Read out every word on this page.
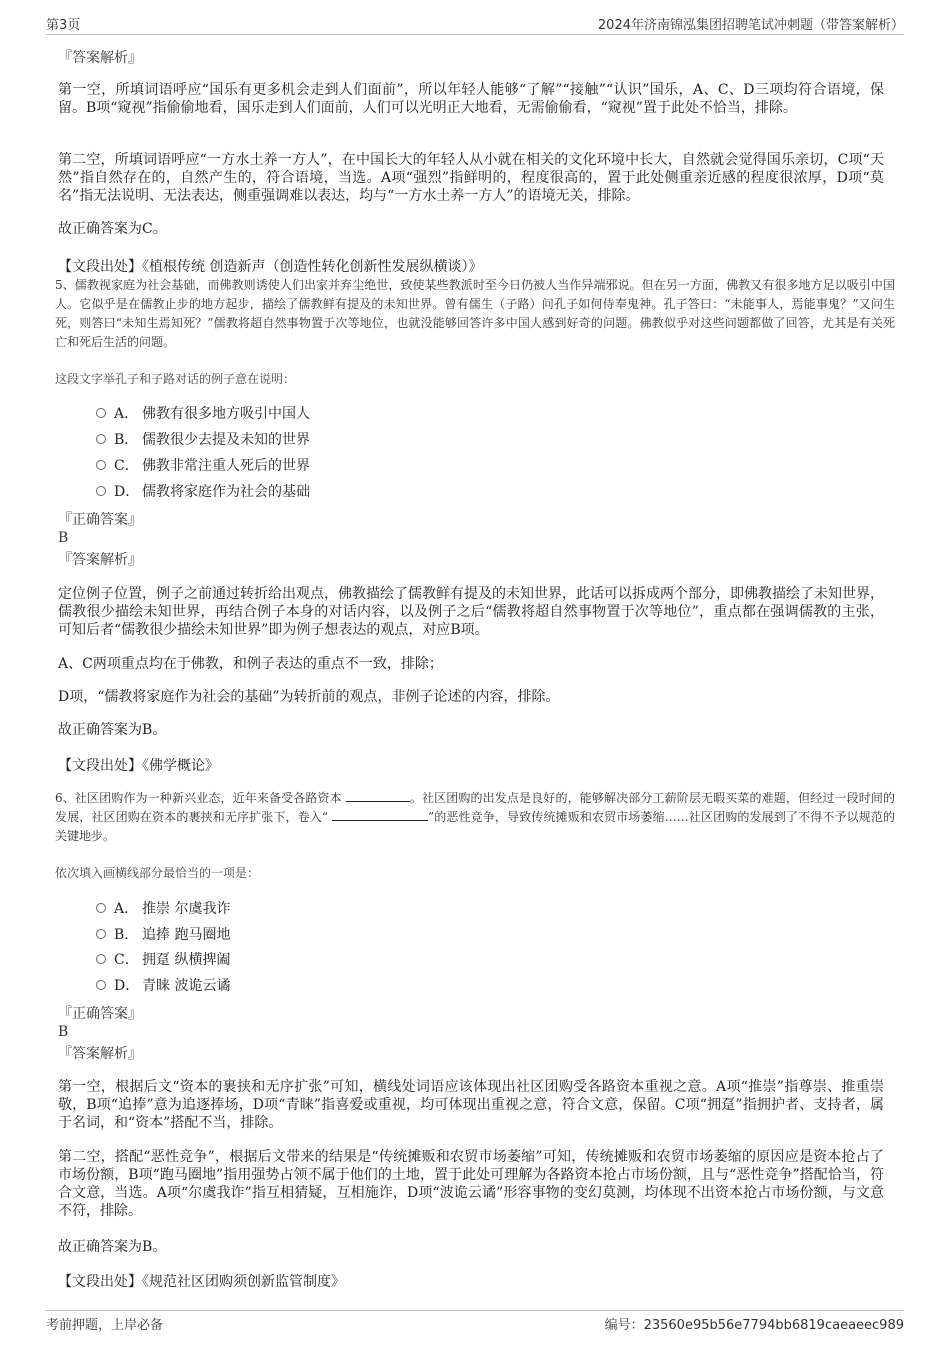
第3页	2024年济南锦泓集团招聘笔试冲刺题（带答案解析）
『答案解析』

第一空，所填词语呼应“国乐有更多机会走到人们面前”，所以年轻人能够“了解”“接触”“认识”国乐，A、C、D三项均符合语境，保留。B项“窥视”指偷偷地看，国乐走到人们面前，人们可以光明正大地看，无需偷偷看，“窥视”置于此处不恰当，排除。

第二空，所填词语呼应“一方水土养一方人”，在中国长大的年轻人从小就在相关的文化环境中长大，自然就会觉得国乐亲切，C项“天然”指自然存在的，自然产生的，符合语境，当选。A项“强烈”指鲜明的，程度很高的，置于此处侧重亲近感的程度很浓厚，D项“莫名”指无法说明、无法表达，侧重强调难以表达，均与“一方水土养一方人”的语境无关，排除。

故正确答案为C。
【文段出处】《植根传统 创造新声（创造性转化创新性发展纵横谈）》

5、儒教视家庭为社会基础，而佛教则诱使人们出家并弃尘绝世，致使某些教派时至今日仍被人当作异端邪说。但在另一方面，佛教又有很多地方足以吸引中国人。它似乎是在儒教止步的地方起步，描绘了儒教鲜有提及的未知世界。曾有儒生（子路）问孔子如何侍奉鬼神。孔子答曰：“未能事人，焉能事鬼？”又问生死，则答曰“未知生焉知死？”儒教将超自然事物置于次等地位，也就没能够回答许多中国人感到好奇的问题。佛教似乎对这些问题都做了回答，尤其是有关死亡和死后生活的问题。

这段文字举孔子和子路对话的例子意在说明：
A． 佛教有很多地方吸引中国人
B． 儒教很少去提及未知的世界
C． 佛教非常注重人死后的世界
D． 儒教将家庭作为社会的基础
『正确答案』
B
『答案解析』

定位例子位置，例子之前通过转折给出观点，佛教描绘了儒教鲜有提及的未知世界，此话可以拆成两个部分，即佛教描绘了未知世界，儒教很少描绘未知世界，再结合例子本身的对话内容，以及例子之后“儒教将超自然事物置于次等地位”，重点都在强调儒教的主张，可知后者“儒教很少描绘未知世界”即为例子想表达的观点，对应B项。

A、C两项重点均在于佛教，和例子表达的重点不一致，排除；
D项，“儒教将家庭作为社会的基础”为转折前的观点，非例子论述的内容，排除。
故正确答案为B。
【文段出处】《佛学概论》

6、社区团购作为一种新兴业态，近年来备受各路资本	。社区团购的出发点是良好的，能够解决部分工薪阶层无暇买菜的难题，但经过一段时间的发展，社区团购在资本的裹挟和无序扩张下，卷入“	”的恶性竞争，导致传统摊贩和农贸市场萎缩……社区团购的发展到了不得不予以规范的关键地步。

依次填入画横线部分最恰当的一项是：
A． 推崇 尔虞我诈
B． 追捧 跑马圈地
C． 拥趸 纵横捭阖
D． 青睐 波诡云谲
『正确答案』
B
『答案解析』

第一空，根据后文“资本的裹挟和无序扩张”可知，横线处词语应该体现出社区团购受各路资本重视之意。A项“推崇”指尊崇、推重崇敬，B项“追捧”意为追逐捧场，D项“青睐”指喜爱或重视，均可体现出重视之意，符合文意，保留。C项“拥趸”指拥护者、支持者，属于名词，和“资本”搭配不当，排除。

第二空，搭配“恶性竞争”，根据后文带来的结果是“传统摊贩和农贸市场萎缩”可知，传统摊贩和农贸市场萎缩的原因应是资本抢占了市场份额，B项“跑马圈地”指用强势占领不属于他们的土地，置于此处可理解为各路资本抢占市场份额，且与“恶性竞争”搭配恰当，符合文意，当选。A项“尔虞我诈”指互相猜疑，互相施诈，D项“波诡云谲”形容事物的变幻莫测，均体现不出资本抢占市场份额，与文意不符，排除。

故正确答案为B。
【文段出处】《规范社区团购须创新监管制度》
考前押题，上岸必备	编号：23560e95b56e7794bb6819caeaeec989
